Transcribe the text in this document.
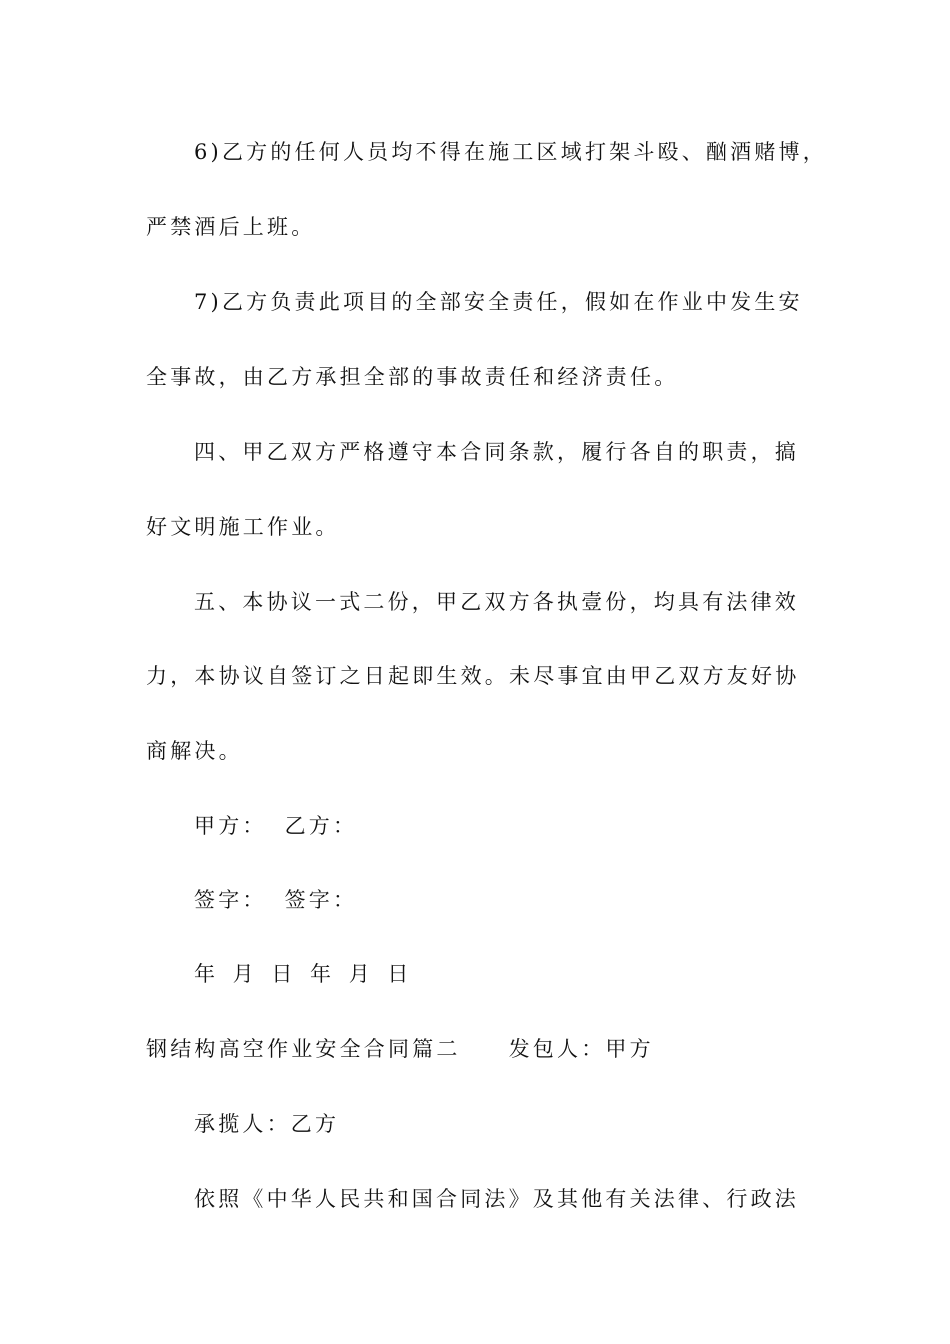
6)乙方的任何人员均不得在施工区域打架斗殴、酗酒赌博，
严禁酒后上班。
7)乙方负责此项目的全部安全责任，假如在作业中发生安
全事故，由乙方承担全部的事故责任和经济责任。
四、甲乙双方严格遵守本合同条款，履行各自的职责，搞
好文明施工作业。
五、本协议一式二份，甲乙双方各执壹份，均具有法律效
力，本协议自签订之日起即生效。未尽事宜由甲乙双方友好协
商解决。
甲方： 乙方：
签字： 签字：
年 月 日 年 月 日
钢结构高空作业安全合同篇二 发包人：甲方
承揽人：乙方
依照《中华人民共和国合同法》及其他有关法律、行政法
